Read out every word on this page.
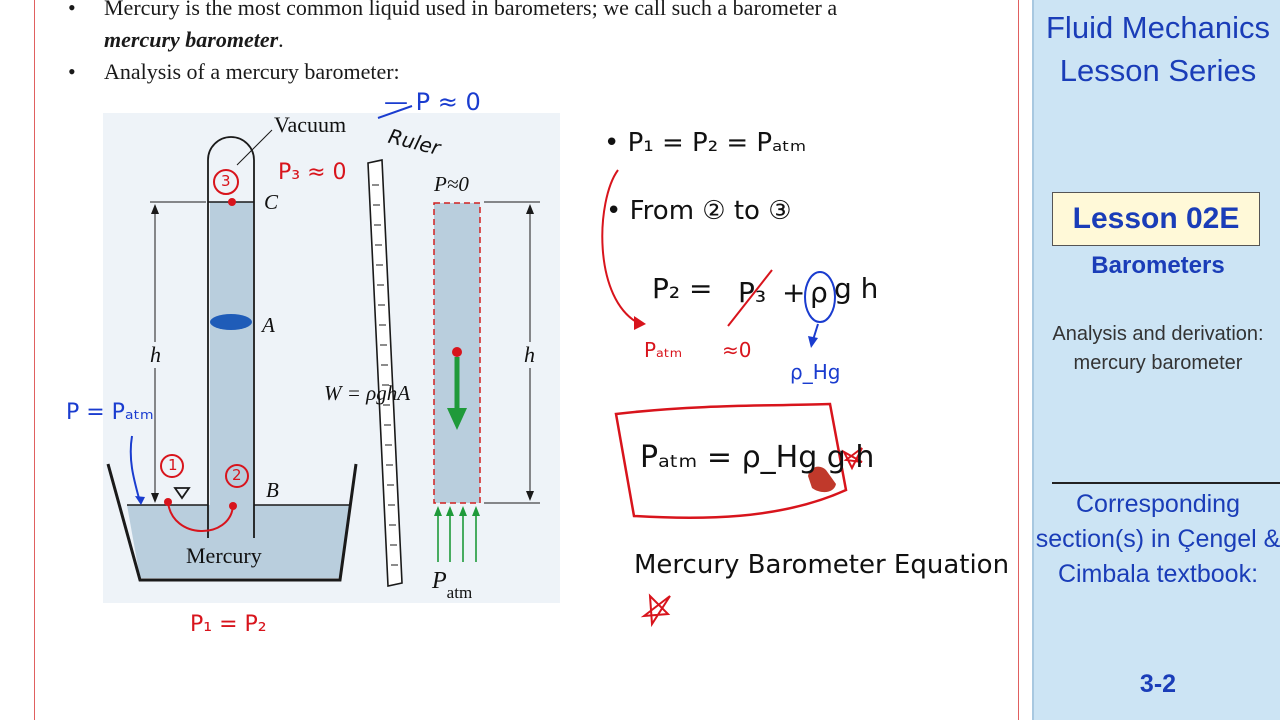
• Mercury is the most common liquid used in barometers; we call such a barometer a
mercury barometer.
• Analysis of a mercury barometer:
Vacuum
C
A
B
h	h
Mercury
W = ρghA
P≈0
$P_{atm}$
— P ≈ 0
Ruler
P₃ ≈ 0
3
1
2
P = Pₐₜₘ
P₁ = P₂
• P₁ = P₂ = Pₐₜₘ
• From ② to ③
P₂ = P₃ + ρ g h
Pₐₜₘ ≈0
ρ_Hg
Pₐₜₘ = ρ_Hg g h
Mercury Barometer Equation
Fluid Mechanics Lesson Series
Lesson 02E
Barometers
Analysis and derivation: mercury barometer
Corresponding section(s) in Çengel & Cimbala textbook:
3-2
